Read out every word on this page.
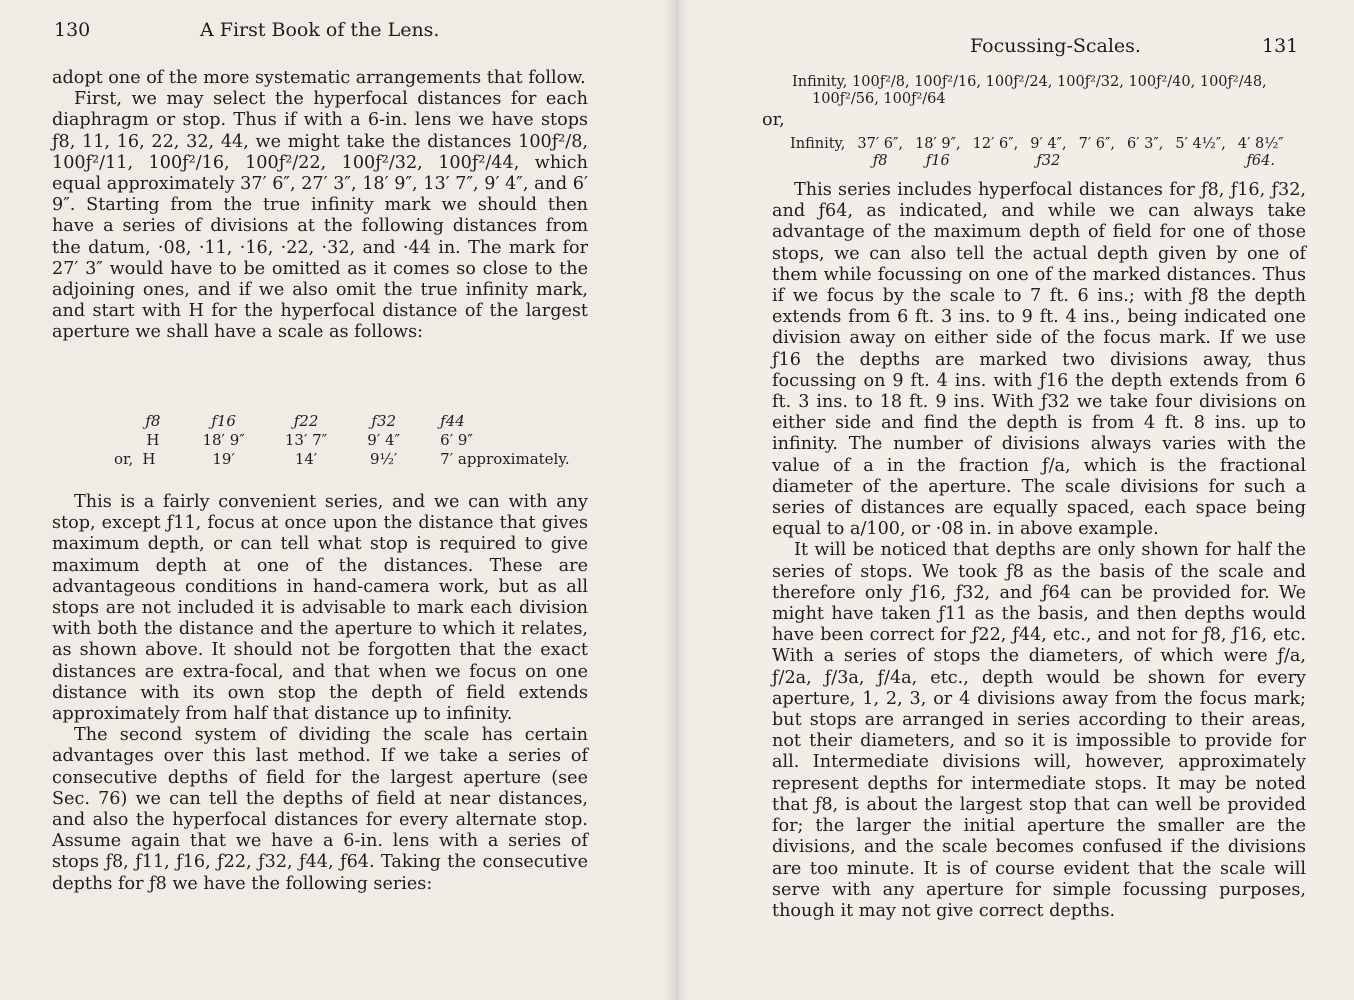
130	A First Book of the Lens.

adopt one of the more systematic arrangements that follow.

First, we may select the hyperfocal distances for each diaphragm or stop. Thus if with a 6-in. lens we have stops ƒ8, 11, 16, 22, 32, 44, we might take the distances 100ƒ²/8, 100ƒ²/11, 100ƒ²/16, 100ƒ²/22, 100ƒ²/32, 100ƒ²/44, which equal approximately 37′ 6″, 27′ 3″, 18′ 9″, 13′ 7″, 9′ 4″, and 6′ 9″. Starting from the true infinity mark we should then have a series of divisions at the following distances from the datum, ·08, ·11, ·16, ·22, ·32, and ·44 in. The mark for 27′ 3″ would have to be omitted as it comes so close to the adjoining ones, and if we also omit the true infinity mark, and start with H for the hyperfocal distance of the largest aperture we shall have a scale as follows:

	ƒ8	ƒ16	ƒ22	ƒ32	ƒ44
	H	18′ 9″	13′ 7″	9′ 4″	6′ 9″
or,	H	19′	14′	9½′	7′ approximately.

This is a fairly convenient series, and we can with any stop, except ƒ11, focus at once upon the distance that gives maximum depth, or can tell what stop is required to give maximum depth at one of the distances. These are advantageous conditions in hand-camera work, but as all stops are not included it is advisable to mark each division with both the distance and the aperture to which it relates, as shown above. It should not be forgotten that the exact distances are extra-focal, and that when we focus on one distance with its own stop the depth of field extends approximately from half that distance up to infinity.

The second system of dividing the scale has certain advantages over this last method. If we take a series of consecutive depths of field for the largest aperture (see Sec. 76) we can tell the depths of field at near distances, and also the hyperfocal distances for every alternate stop. Assume again that we have a 6-in. lens with a series of stops ƒ8, ƒ11, ƒ16, ƒ22, ƒ32, ƒ44, ƒ64. Taking the consecutive depths for ƒ8 we have the following series:

Focussing-Scales.	131
Infinity, 100ƒ²/8, 100ƒ²/16, 100ƒ²/24, 100ƒ²/32, 100ƒ²/40, 100ƒ²/48,
100ƒ²/56, 100ƒ²/64
or,
Infinity,	37′ 6″,	18′ 9″,	12′ 6″,	9′ 4″,	7′ 6″,	6′ 3″,	5′ 4½″,	4′ 8½″
	ƒ8	ƒ16		ƒ32				ƒ64.

This series includes hyperfocal distances for ƒ8, ƒ16, ƒ32, and ƒ64, as indicated, and while we can always take advantage of the maximum depth of field for one of those stops, we can also tell the actual depth given by one of them while focussing on one of the marked distances. Thus if we focus by the scale to 7 ft. 6 ins.; with ƒ8 the depth extends from 6 ft. 3 ins. to 9 ft. 4 ins., being indicated one division away on either side of the focus mark. If we use ƒ16 the depths are marked two divisions away, thus focussing on 9 ft. 4 ins. with ƒ16 the depth extends from 6 ft. 3 ins. to 18 ft. 9 ins. With ƒ32 we take four divisions on either side and find the depth is from 4 ft. 8 ins. up to infinity. The number of divisions always varies with the value of a in the fraction ƒ/a, which is the fractional diameter of the aperture. The scale divisions for such a series of distances are equally spaced, each space being equal to a/100, or ·08 in. in above example.

It will be noticed that depths are only shown for half the series of stops. We took ƒ8 as the basis of the scale and therefore only ƒ16, ƒ32, and ƒ64 can be provided for. We might have taken ƒ11 as the basis, and then depths would have been correct for ƒ22, ƒ44, etc., and not for ƒ8, ƒ16, etc. With a series of stops the diameters, of which were ƒ/a, ƒ/2a, ƒ/3a, ƒ/4a, etc., depth would be shown for every aperture, 1, 2, 3, or 4 divisions away from the focus mark; but stops are arranged in series according to their areas, not their diameters, and so it is impossible to provide for all. Intermediate divisions will, however, approximately represent depths for intermediate stops. It may be noted that ƒ8, is about the largest stop that can well be provided for; the larger the initial aperture the smaller are the divisions, and the scale becomes confused if the divisions are too minute. It is of course evident that the scale will serve with any aperture for simple focussing purposes, though it may not give correct depths.
